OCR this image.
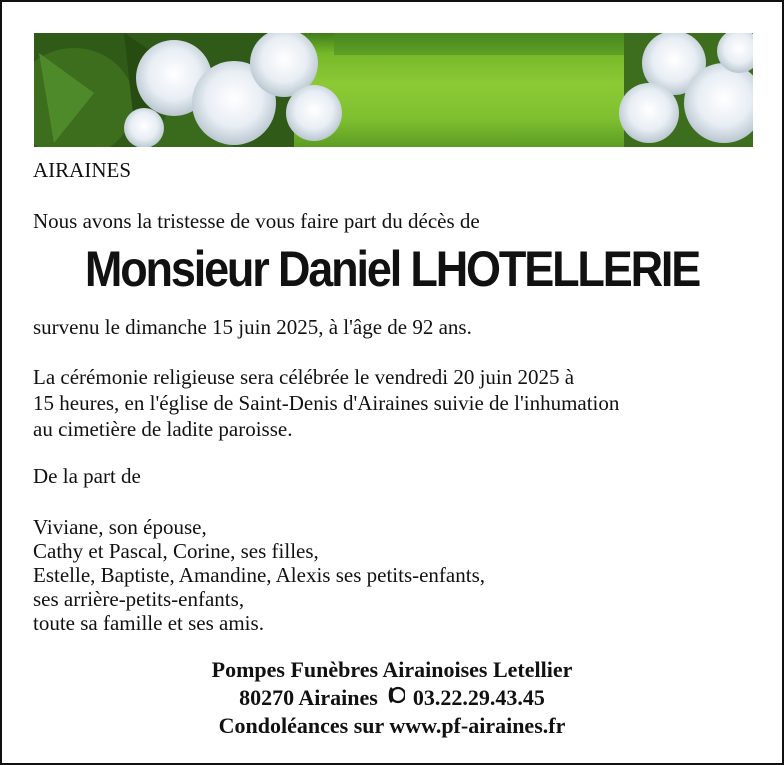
AIRAINES
Nous avons la tristesse de vous faire part du décès de
Monsieur Daniel LHOTELLERIE
survenu le dimanche 15 juin 2025, à l'âge de 92 ans.
La cérémonie religieuse sera célébrée le vendredi 20 juin 2025 à
15 heures, en l'église de Saint-Denis d'Airaines suivie de l'inhumation
au cimetière de ladite paroisse.
De la part de
Viviane, son épouse,
Cathy et Pascal, Corine, ses filles,
Estelle, Baptiste, Amandine, Alexis ses petits-enfants,
ses arrière-petits-enfants,
toute sa famille et ses amis.
Pompes Funèbres Airainoises Letellier
80270 Airaines 03.22.29.43.45
Condoléances sur www.pf-airaines.fr
